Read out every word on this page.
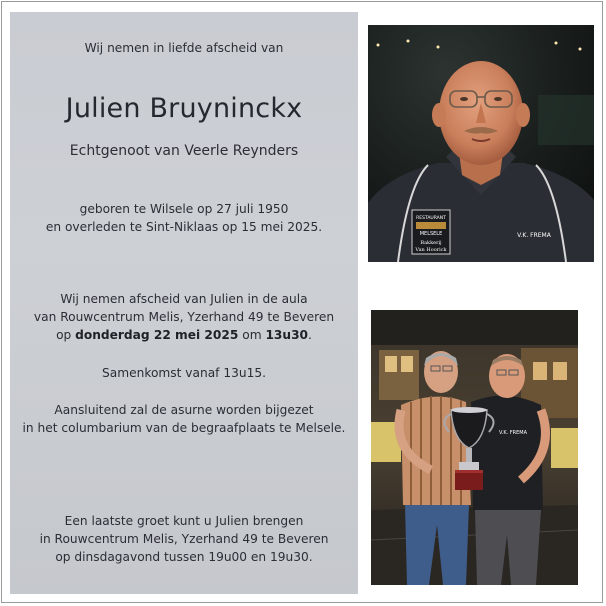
Wij nemen in liefde afscheid van
Julien Bruyninckx
Echtgenoot van Veerle Reynders
geboren te Wilsele op 27 juli 1950
en overleden te Sint-Niklaas op 15 mei 2025.
Wij nemen afscheid van Julien in de aula
van Rouwcentrum Melis, Yzerhand 49 te Beveren
op donderdag 22 mei 2025 om 13u30.
Samenkomst vanaf 13u15.
Aansluitend zal de asurne worden bijgezet
in het columbarium van de begraafplaats te Melsele.
Een laatste groet kunt u Julien brengen
in Rouwcentrum Melis, Yzerhand 49 te Beveren
op dinsdagavond tussen 19u00 en 19u30.
RESTAURANT
MELSELE
Bakkerij
Van Hoorick
V.K. FREMA
V.K. FREMA
